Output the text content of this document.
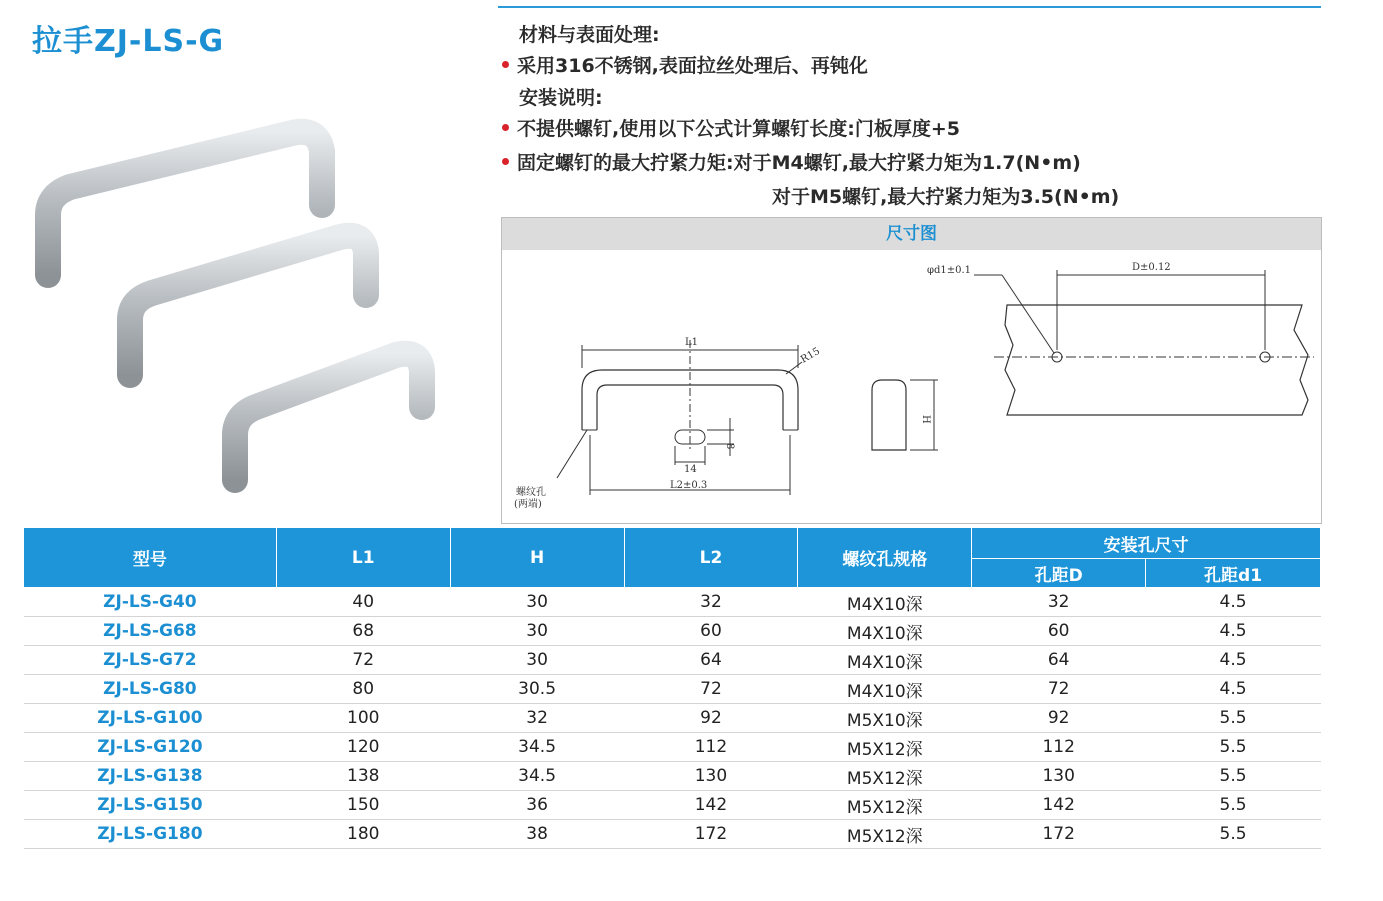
拉手ZJ-LS-G	材料与表面处理:
采用316不锈钢,表面拉丝处理后、再钝化
安装说明:
不提供螺钉,使用以下公式计算螺钉长度:门板厚度+5
固定螺钉的最大拧紧力矩:对于M4螺钉,最大拧紧力矩为1.7(N•m)
对于M5螺钉,最大拧紧力矩为3.5(N•m)
尺寸图
L1
R15
14
8
L2±0.3
螺纹孔
(两端)
H
D±0.12
φd1±0.1
型号	L1	H	L2	螺纹孔规格	安装孔尺寸	
					孔距D	孔距d1
ZJ-LS-G40	40	30	32	M4X10深	32	4.5
ZJ-LS-G68	68	30	60	M4X10深	60	4.5
ZJ-LS-G72	72	30	64	M4X10深	64	4.5
ZJ-LS-G80	80	30.5	72	M4X10深	72	4.5
ZJ-LS-G100	100	32	92	M5X10深	92	5.5
ZJ-LS-G120	120	34.5	112	M5X12深	112	5.5
ZJ-LS-G138	138	34.5	130	M5X12深	130	5.5
ZJ-LS-G150	150	36	142	M5X12深	142	5.5
ZJ-LS-G180	180	38	172	M5X12深	172	5.5
